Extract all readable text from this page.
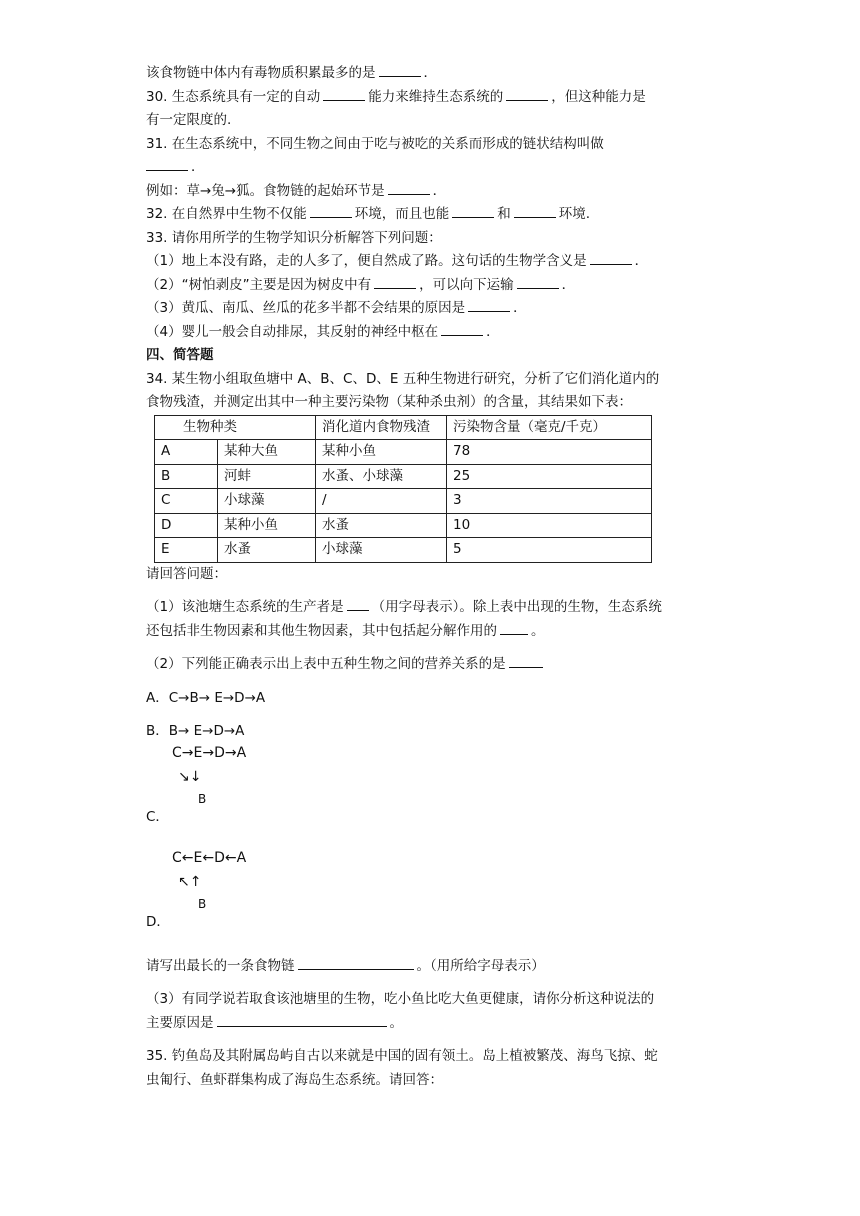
该食物链中体内有毒物质积累最多的是	．
30. 生态系统具有一定的自动	能力来维持生态系统的	，但这种能力是
有一定限度的.
31. 在生态系统中，不同生物之间由于吃与被吃的关系而形成的链状结构叫做
．
例如：草→兔→狐。食物链的起始环节是	．
32. 在自然界中生物不仅能	环境，而且也能	和	环境.
33. 请你用所学的生物学知识分析解答下列问题：
（1）地上本没有路，走的人多了，便自然成了路。这句话的生物学含义是	．
（2）“树怕剥皮”主要是因为树皮中有	，可以向下运输	．
（3）黄瓜、南瓜、丝瓜的花多半都不会结果的原因是	．
（4）婴儿一般会自动排尿，其反射的神经中枢在	．
四、简答题
34. 某生物小组取鱼塘中 A、B、C、D、E 五种生物进行研究，分析了它们消化道内的
食物残渣，并测定出其中一种主要污染物（某种杀虫剂）的含量，其结果如下表：
生物种类		消化道内食物残渣	污染物含量（毫克/千克）
A	某种大鱼	某种小鱼	78
B	河蚌	水蚤、小球藻	25
C	小球藻	/	3
D	某种小鱼	水蚤	10
E	水蚤	小球藻	5
请回答问题：
（1）该池塘生态系统的生产者是 （用字母表示）。除上表中出现的生物，生态系统
还包括非生物因素和其他生物因素，其中包括起分解作用的	。
（2）下列能正确表示出上表中五种生物之间的营养关系的是
A．C→B→ E→D→A
B．B→ E→D→A
C→E→D→A
↘↓
B
C．
C←E←D←A
↖↑
B
D．
请写出最长的一条食物链	。（用所给字母表示）
（3）有同学说若取食该池塘里的生物，吃小鱼比吃大鱼更健康，请你分析这种说法的
主要原因是	。
35. 钓鱼岛及其附属岛屿自古以来就是中国的固有领土。岛上植被繁茂、海鸟飞掠、蛇
虫匍行、鱼虾群集构成了海岛生态系统。请回答：
